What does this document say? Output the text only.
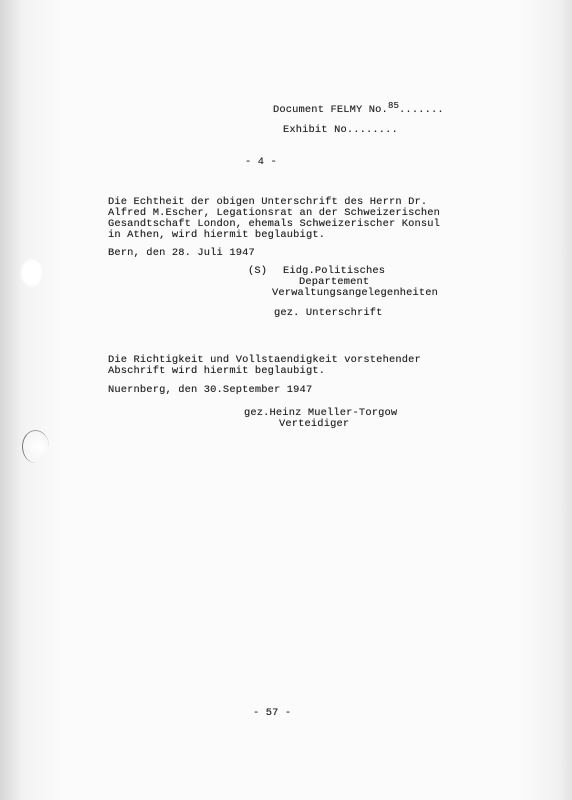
Document FELMY No.85.......
Exhibit No........
- 4 -
Die Echtheit der obigen Unterschrift des Herrn Dr.
Alfred M.Escher, Legationsrat an der Schweizerischen
Gesandtschaft London, ehemals Schweizerischer Konsul
in Athen, wird hiermit beglaubigt.
Bern, den 28. Juli 1947
(S) Eidg.Politisches
Departement
Verwaltungsangelegenheiten
gez. Unterschrift
Die Richtigkeit und Vollstaendigkeit vorstehender
Abschrift wird hiermit beglaubigt.
Nuernberg, den 30.September 1947
gez.Heinz Mueller-Torgow
Verteidiger
- 57 -
